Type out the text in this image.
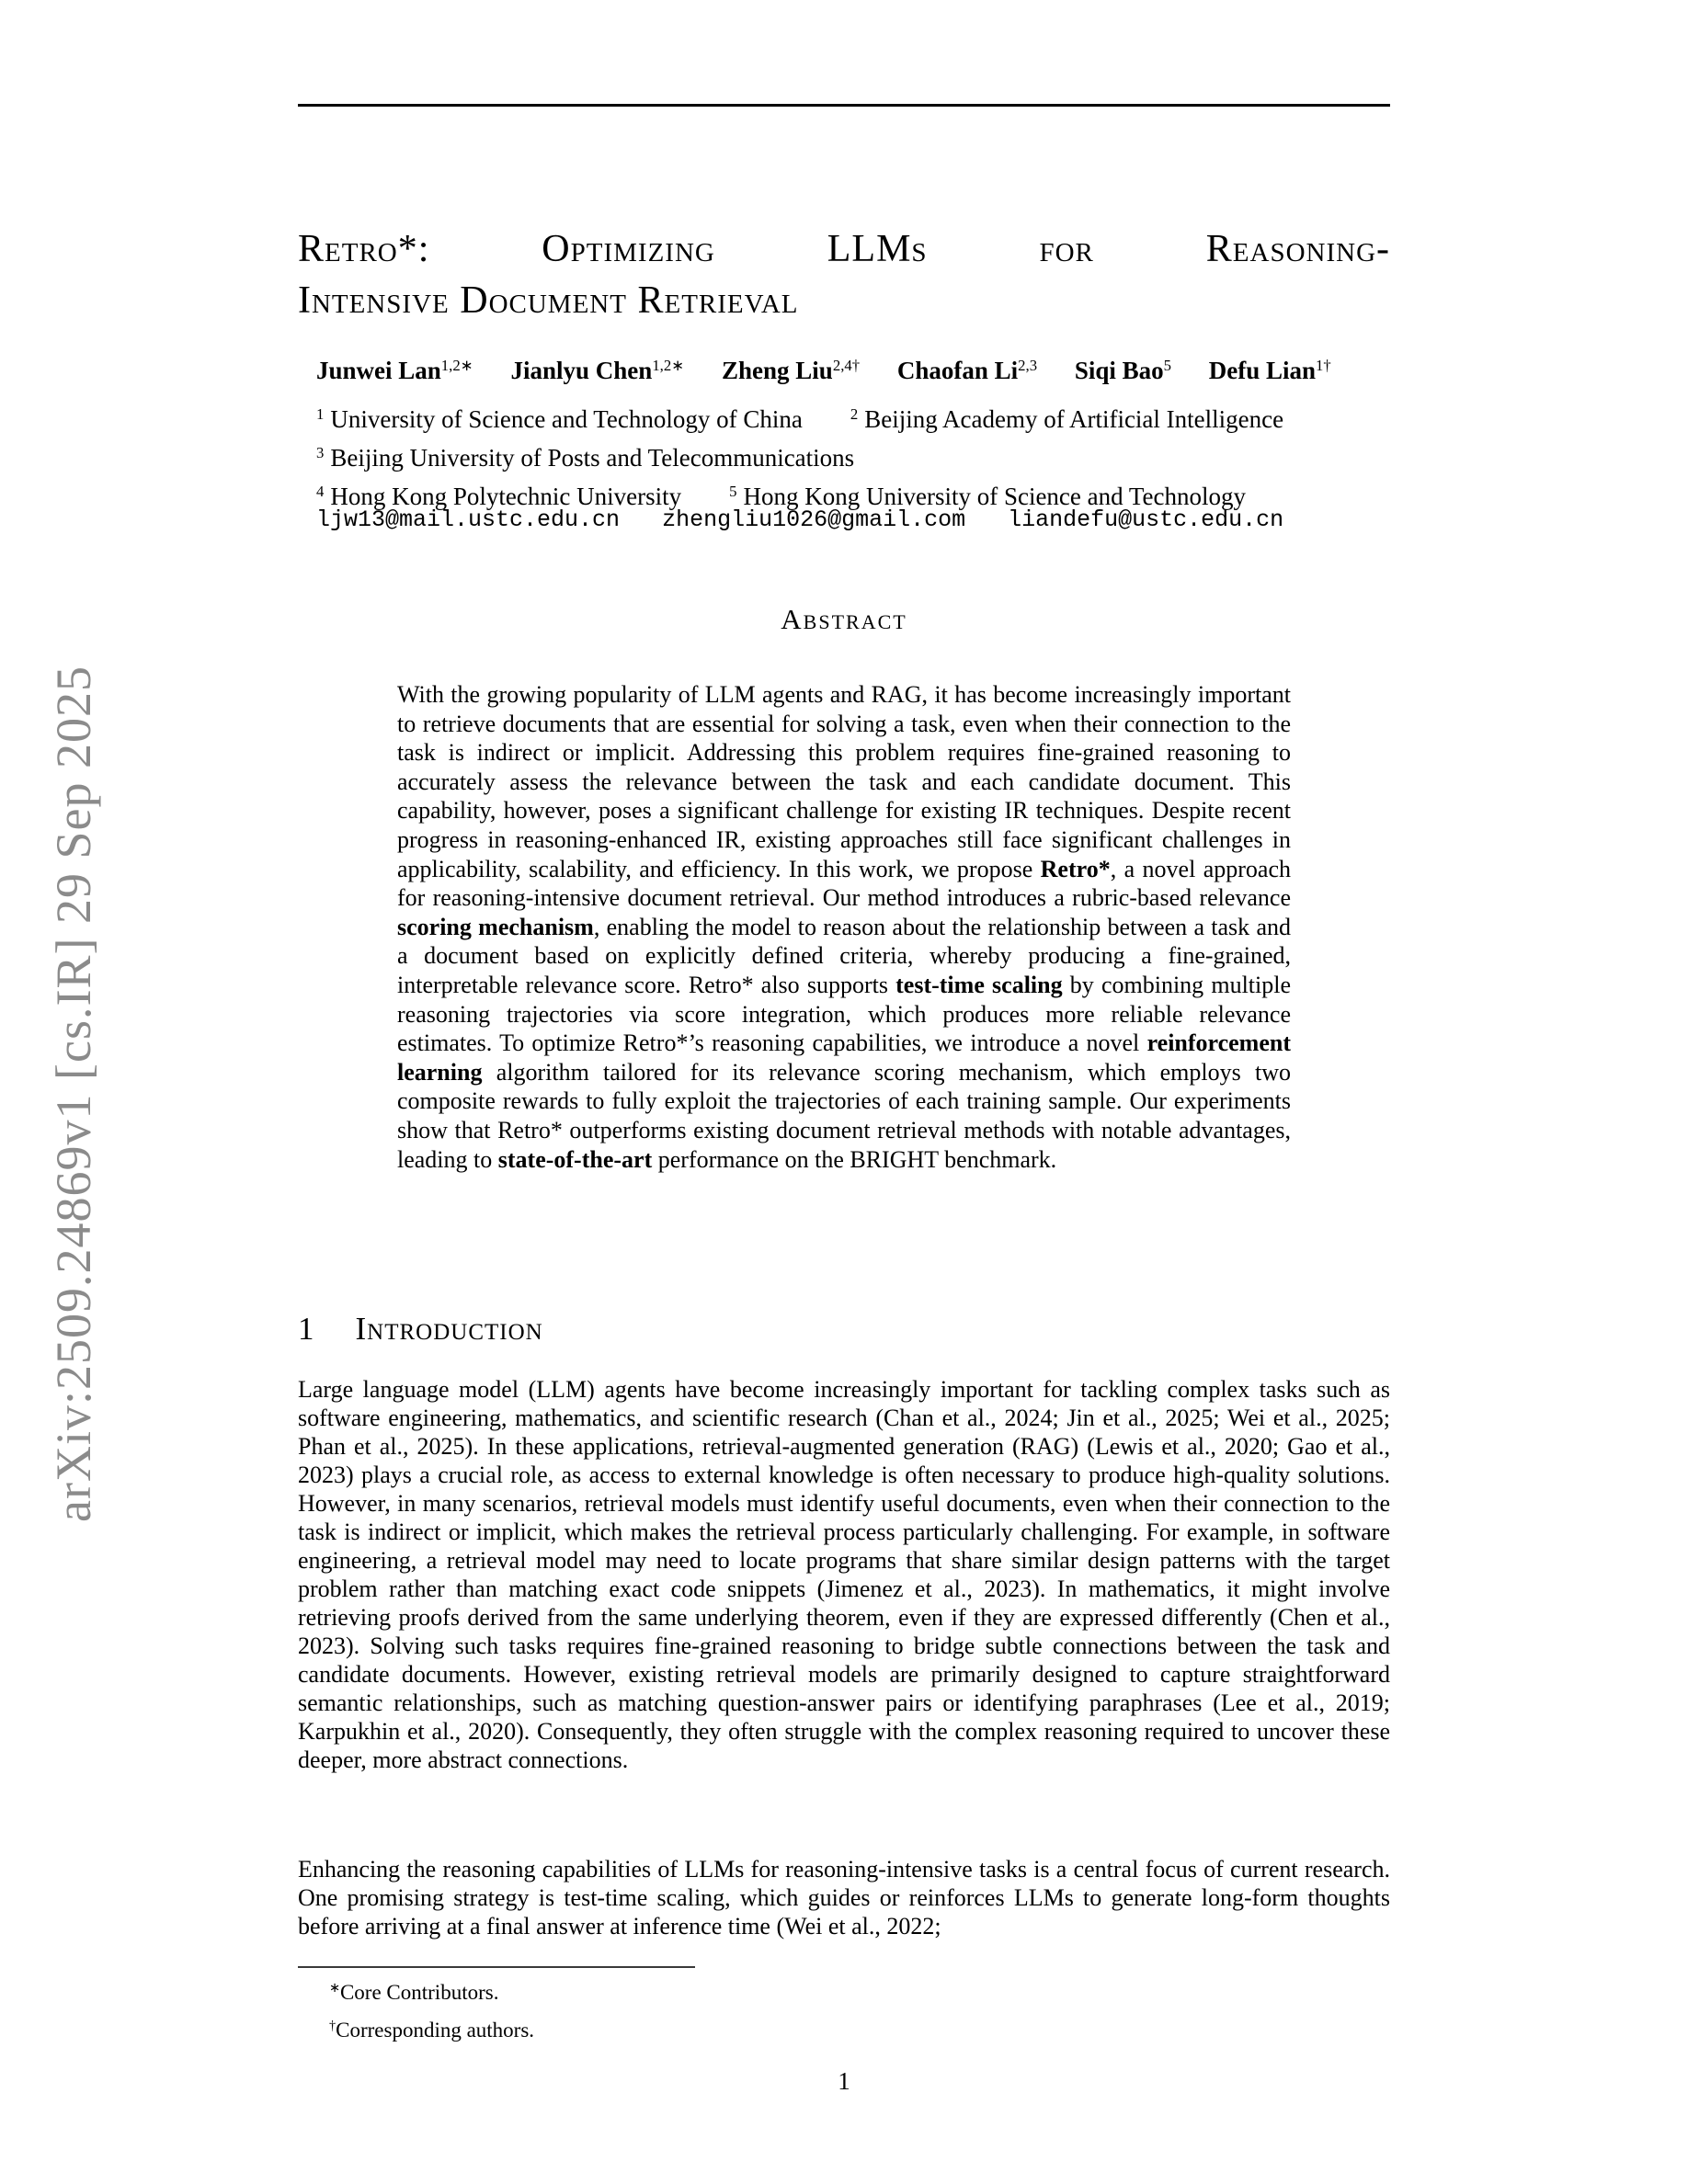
arXiv:2509.24869v1 [cs.IR] 29 Sep 2025
Retro*: Optimizing LLMs for Reasoning-
Intensive Document Retrieval
Junwei Lan$^{1,2∗}$ Jianlyu Chen$^{1,2∗}$ Zheng Liu$^{2,4\dagger}$ Chaofan Li$^{2,3}$ Siqi Bao$^5$ Defu Lian$^{1\dagger}$
$^1$ University of Science and Technology of China	$^2$ Beijing Academy of Artificial Intelligence
$^3$ Beijing University of Posts and Telecommunications
$^4$ Hong Kong Polytechnic University	$^5$ Hong Kong University of Science and Technology
ljw13@mail.ustc.edu.cn zhengliu1026@gmail.com liandefu@ustc.edu.cn
Abstract
With the growing popularity of LLM agents and RAG, it has become increasingly important to retrieve documents that are essential for solving a task, even when their connection to the task is indirect or implicit. Addressing this problem requires fine-grained reasoning to accurately assess the relevance between the task and each candidate document. This capability, however, poses a significant challenge for existing IR techniques. Despite recent progress in reasoning-enhanced IR, existing approaches still face significant challenges in applicability, scalability, and efficiency. In this work, we propose Retro*, a novel approach for reasoning-intensive document retrieval. Our method introduces a rubric-based relevance scoring mechanism, enabling the model to reason about the relationship between a task and a document based on explicitly defined criteria, whereby producing a fine-grained, interpretable relevance score. Retro* also supports test-time scaling by combining multiple reasoning trajectories via score integration, which produces more reliable relevance estimates. To optimize Retro*’s reasoning capabilities, we introduce a novel reinforcement learning algorithm tailored for its relevance scoring mechanism, which employs two composite rewards to fully exploit the trajectories of each training sample. Our experiments show that Retro* outperforms existing document retrieval methods with notable advantages, leading to state-of-the-art performance on the BRIGHT benchmark.
1 Introduction
Large language model (LLM) agents have become increasingly important for tackling complex tasks such as software engineering, mathematics, and scientific research (Chan et al., 2024; Jin et al., 2025; Wei et al., 2025; Phan et al., 2025). In these applications, retrieval-augmented generation (RAG) (Lewis et al., 2020; Gao et al., 2023) plays a crucial role, as access to external knowledge is often necessary to produce high-quality solutions. However, in many scenarios, retrieval models must identify useful documents, even when their connection to the task is indirect or implicit, which makes the retrieval process particularly challenging. For example, in software engineering, a retrieval model may need to locate programs that share similar design patterns with the target problem rather than matching exact code snippets (Jimenez et al., 2023). In mathematics, it might involve retrieving proofs derived from the same underlying theorem, even if they are expressed differently (Chen et al., 2023). Solving such tasks requires fine-grained reasoning to bridge subtle connections between the task and candidate documents. However, existing retrieval models are primarily designed to capture straightforward semantic relationships, such as matching question-answer pairs or identifying paraphrases (Lee et al., 2019; Karpukhin et al., 2020). Consequently, they often struggle with the complex reasoning required to uncover these deeper, more abstract connections.
Enhancing the reasoning capabilities of LLMs for reasoning-intensive tasks is a central focus of current research. One promising strategy is test-time scaling, which guides or reinforces LLMs to generate long-form thoughts before arriving at a final answer at inference time (Wei et al., 2022;
∗Core Contributors.
†Corresponding authors.
1
